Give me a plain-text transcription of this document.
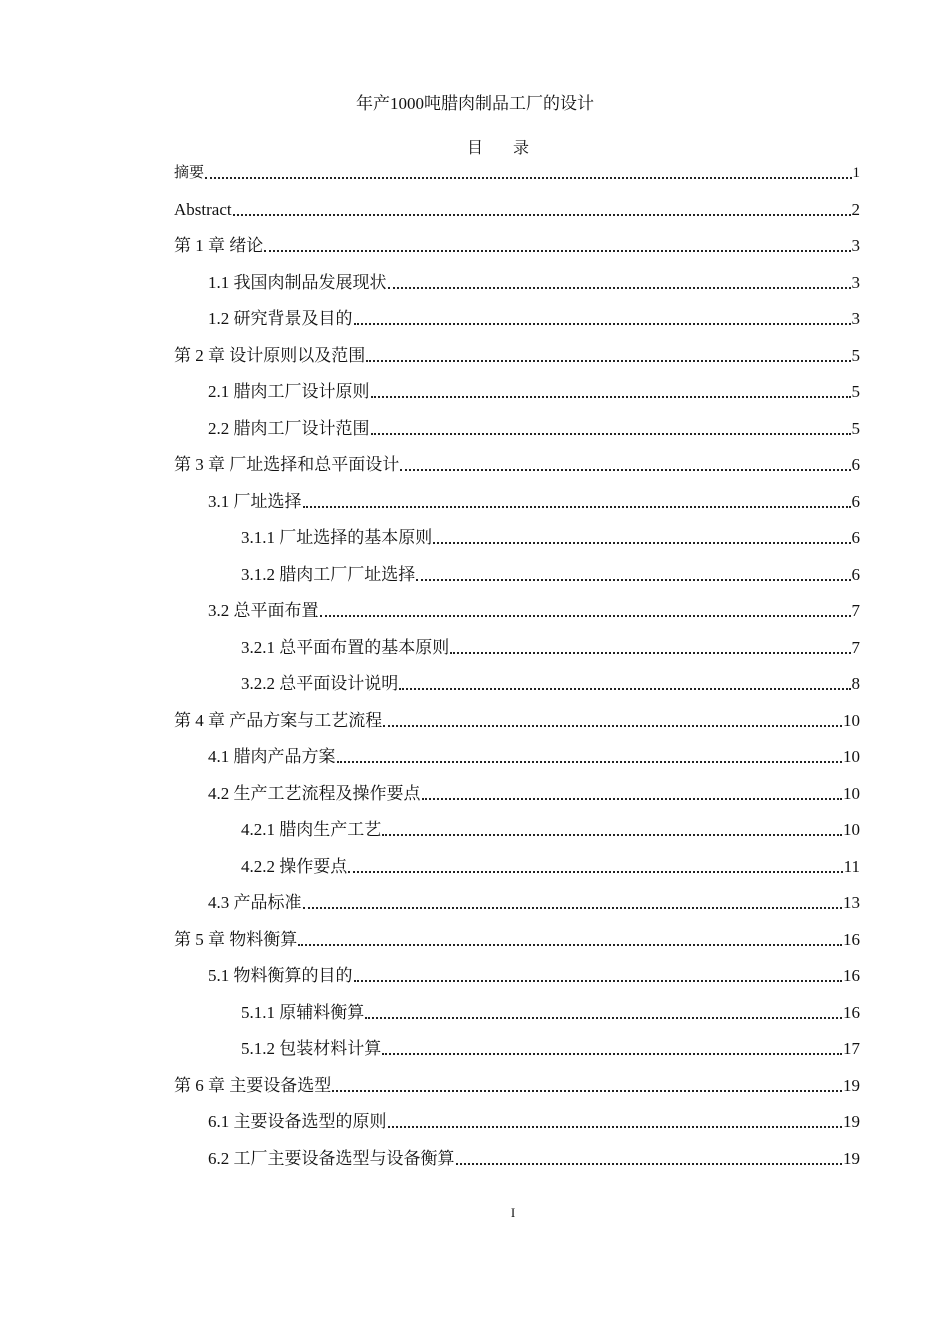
年产1000吨腊肉制品工厂的设计
目 录
摘要	1
Abstract	2
第 1 章 绪论	3
1.1 我国肉制品发展现状	3
1.2 研究背景及目的	3
第 2 章 设计原则以及范围	5
2.1 腊肉工厂设计原则	5
2.2 腊肉工厂设计范围	5
第 3 章 厂址选择和总平面设计	6
3.1 厂址选择	6
3.1.1 厂址选择的基本原则	6
3.1.2 腊肉工厂厂址选择	6
3.2 总平面布置	7
3.2.1 总平面布置的基本原则	7
3.2.2 总平面设计说明	8
第 4 章 产品方案与工艺流程	10
4.1 腊肉产品方案	10
4.2 生产工艺流程及操作要点	10
4.2.1 腊肉生产工艺	10
4.2.2 操作要点	11
4.3 产品标准	13
第 5 章 物料衡算	16
5.1 物料衡算的目的	16
5.1.1 原辅料衡算	16
5.1.2 包装材料计算	17
第 6 章 主要设备选型	19
6.1 主要设备选型的原则	19
6.2 工厂主要设备选型与设备衡算	19
I
